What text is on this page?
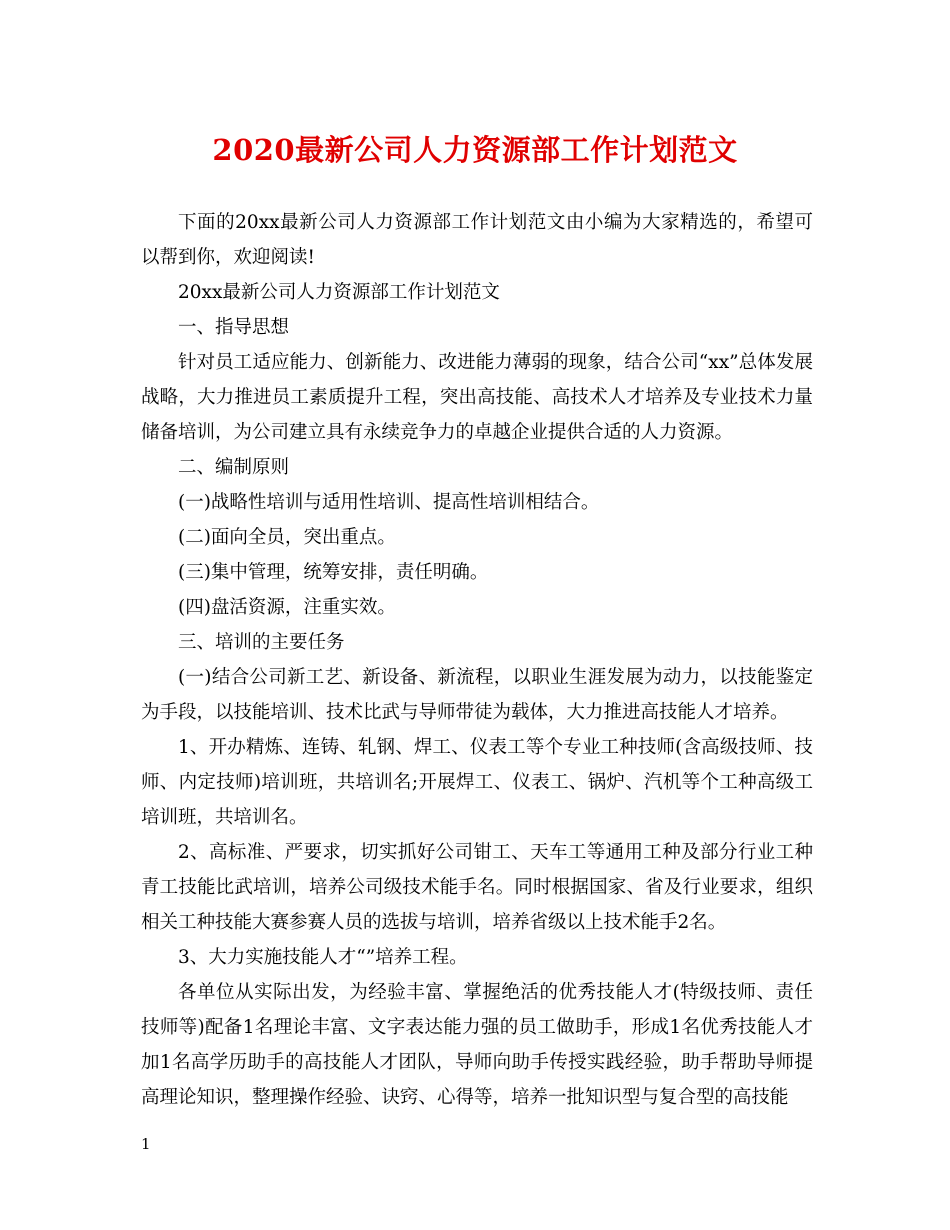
2020最新公司人力资源部工作计划范文

下面的20xx最新公司人力资源部工作计划范文由小编为大家精选的，希望可以帮到你，欢迎阅读!

20xx最新公司人力资源部工作计划范文

一、指导思想

针对员工适应能力、创新能力、改进能力薄弱的现象，结合公司“xx”总体发展战略，大力推进员工素质提升工程，突出高技能、高技术人才培养及专业技术力量储备培训，为公司建立具有永续竞争力的卓越企业提供合适的人力资源。

二、编制原则

(一)战略性培训与适用性培训、提高性培训相结合。

(二)面向全员，突出重点。

(三)集中管理，统筹安排，责任明确。

(四)盘活资源，注重实效。

三、培训的主要任务

(一)结合公司新工艺、新设备、新流程，以职业生涯发展为动力，以技能鉴定为手段，以技能培训、技术比武与导师带徒为载体，大力推进高技能人才培养。

1、开办精炼、连铸、轧钢、焊工、仪表工等个专业工种技师(含高级技师、技师、内定技师)培训班，共培训名;开展焊工、仪表工、锅炉、汽机等个工种高级工培训班，共培训名。

2、高标准、严要求，切实抓好公司钳工、天车工等通用工种及部分行业工种青工技能比武培训，培养公司级技术能手名。同时根据国家、省及行业要求，组织相关工种技能大赛参赛人员的选拔与培训，培养省级以上技术能手2名。

3、大力实施技能人才“”培养工程。

各单位从实际出发，为经验丰富、掌握绝活的优秀技能人才(特级技师、责任技师等)配备1名理论丰富、文字表达能力强的员工做助手，形成1名优秀技能人才加1名高学历助手的高技能人才团队，导师向助手传授实践经验，助手帮助导师提高理论知识，整理操作经验、诀窍、心得等，培养一批知识型与复合型的高技能

1
